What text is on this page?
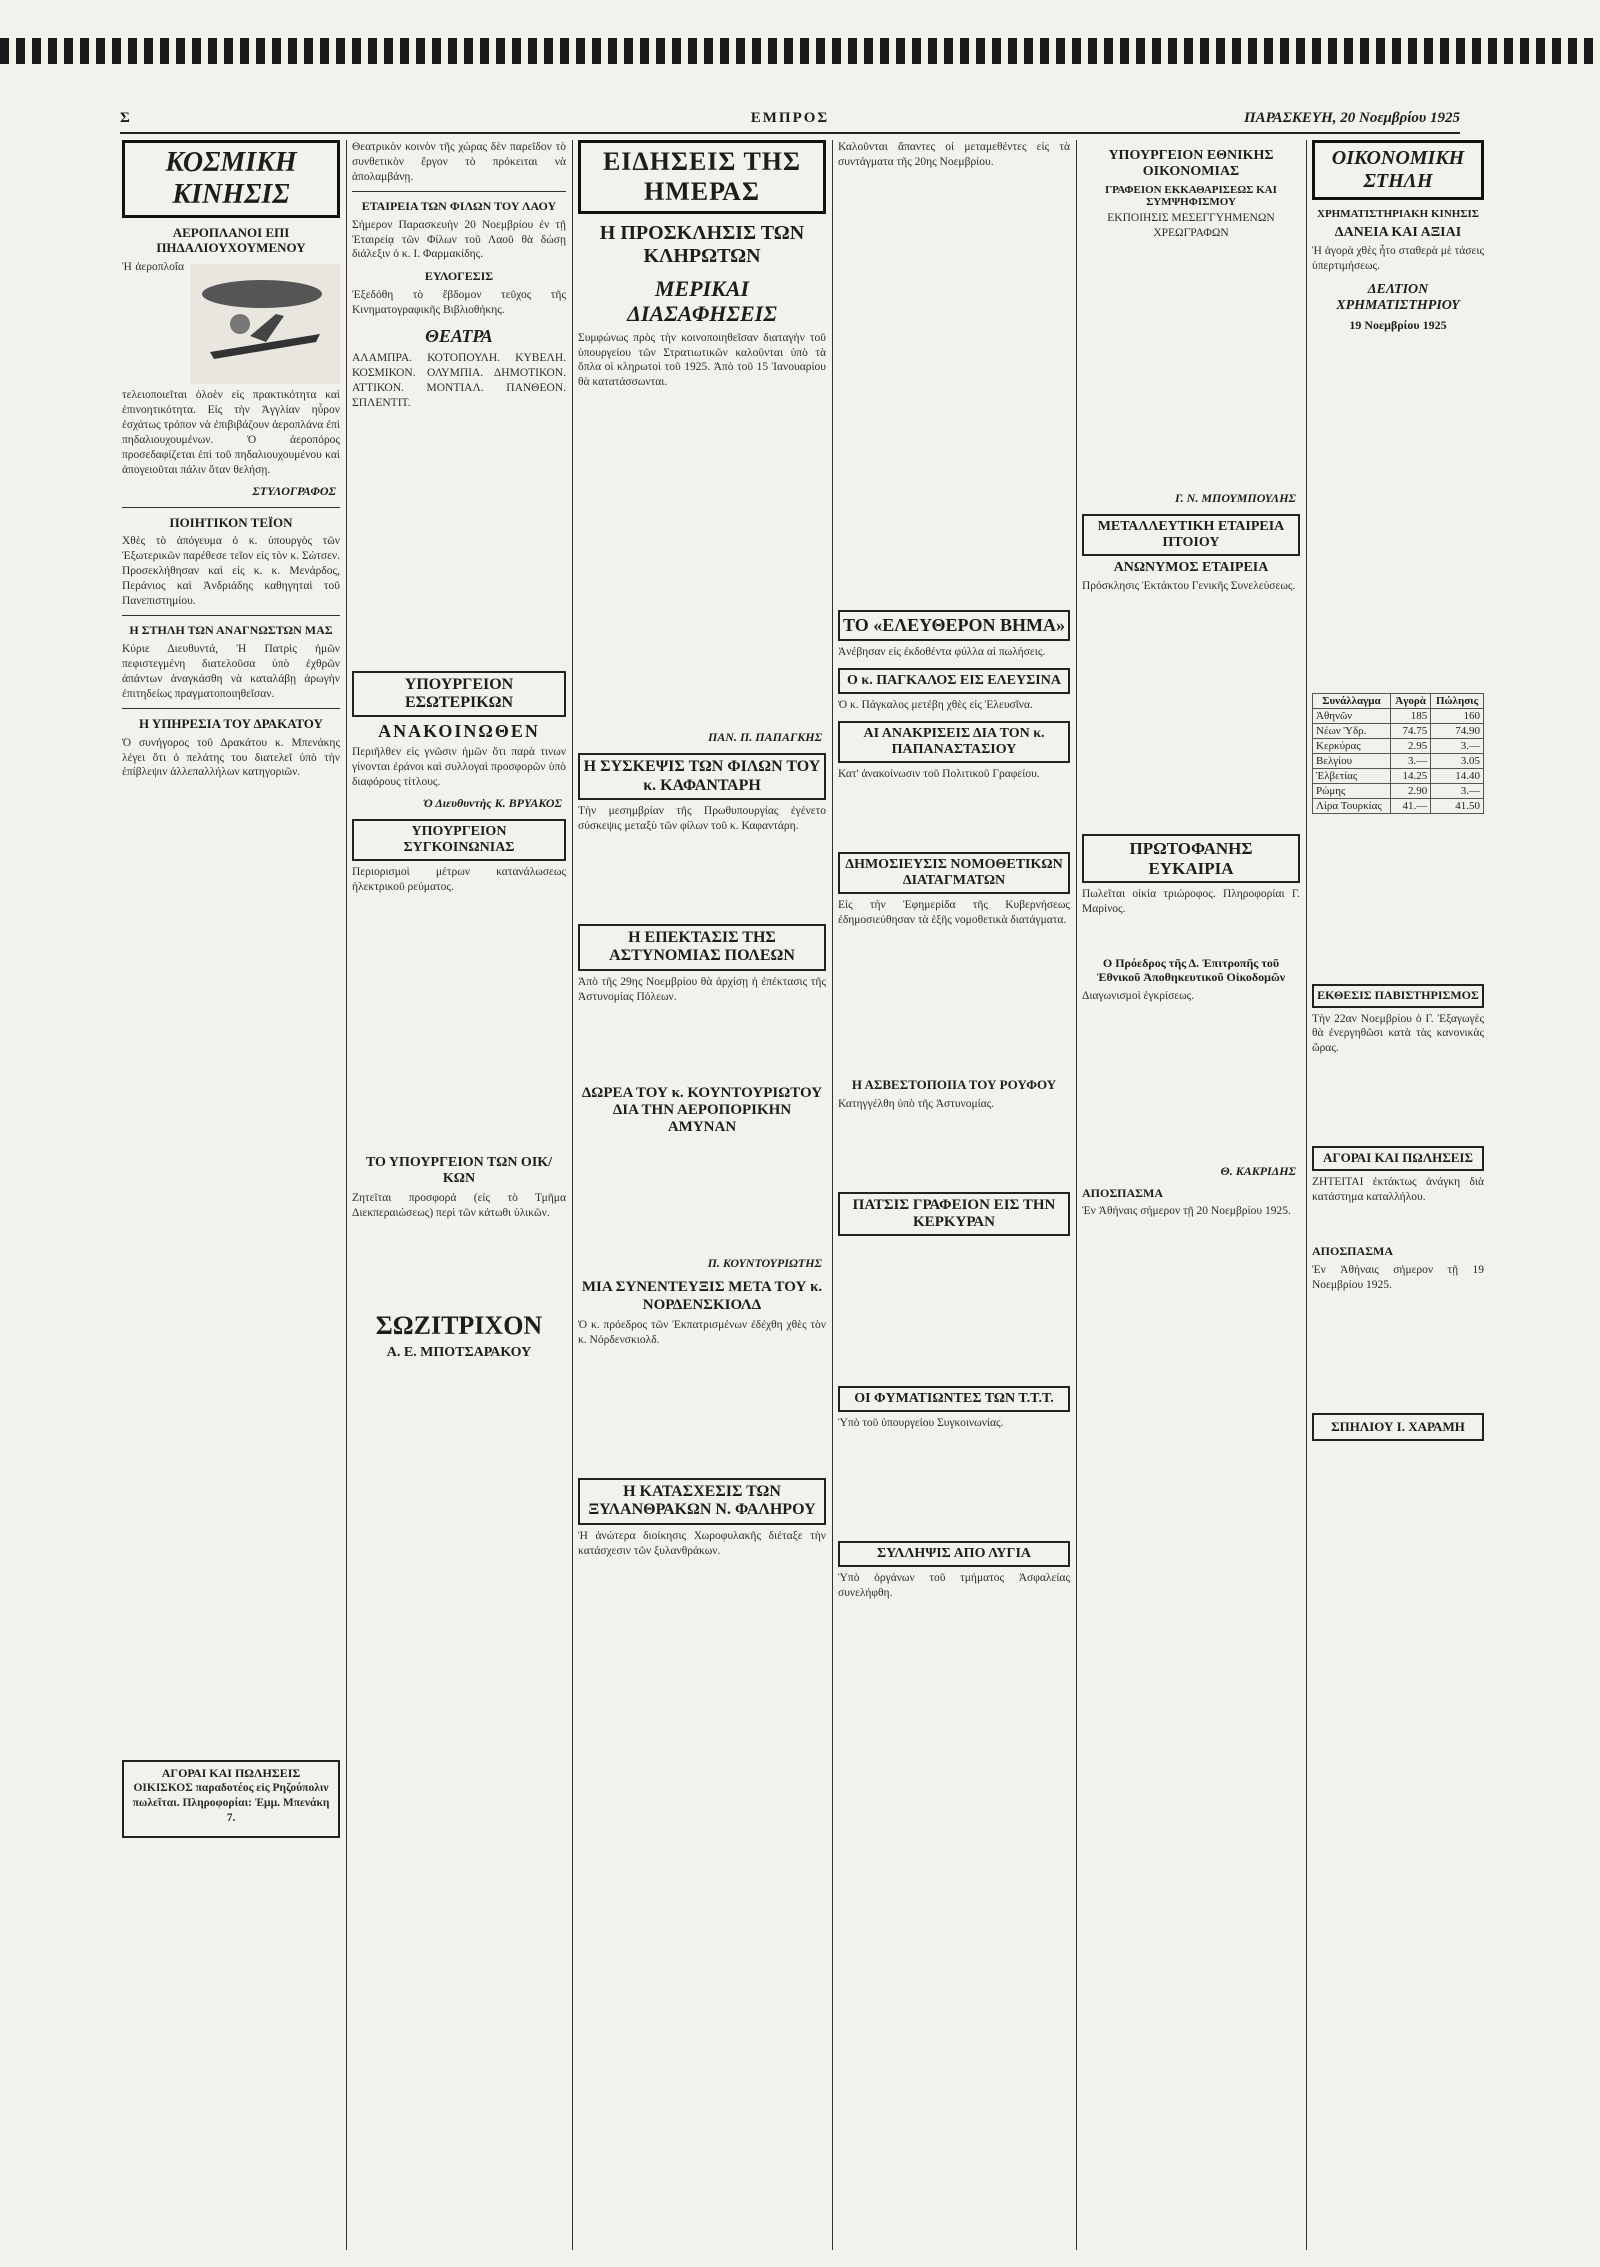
Σ	ΕΜΠΡΟΣ	ΠΑΡΑΣΚΕΥΗ, 20 Νοεμβρίου 1925
ΚΟΣΜΙΚΗ ΚΙΝΗΣΙΣ
ΑΕΡΟΠΛΑΝΟΙ ΕΠΙ ΠΗΔΑΛΙΟΥΧΟΥΜΕΝΟΥ

Ἡ ἀεροπλοΐα τελειοποιεῖται ὁλοὲν εἰς πρακτικότητα καὶ ἐπινοητικότητα. Εἰς τὴν Ἀγγλίαν ηὗρον ἐσχάτως τρόπον νὰ ἐπιβιβάζουν ἀεροπλάνα ἐπὶ πηδαλιουχουμένων. Ὁ ἀεροπόρος προσεδαφίζεται ἐπὶ τοῦ πηδαλιουχουμένου καὶ ἀπογειοῦται πάλιν ὅταν θελήσῃ.

ΣΤΥΛΟΓΡΑΦΟΣ
ΠΟΙΗΤΙΚΟΝ ΤΕΪΟΝ

Χθὲς τὸ ἀπόγευμα ὁ κ. ὑπουργὸς τῶν Ἐξωτερικῶν παρέθεσε τεῖον εἰς τὸν κ. Σώτσεν. Προσεκλήθησαν καὶ εἰς κ. κ. Μενάρδος, Περάνιος καὶ Ἀνδριάδης καθηγηταὶ τοῦ Πανεπιστημίου.

Η ΣΤΗΛΗ ΤΩΝ ΑΝΑΓΝΩΣΤΩΝ ΜΑΣ

Κύριε Διευθυντά, Ἡ Πατρὶς ἡμῶν πεφιστεγμένη διατελοῦσα ὑπὸ ἐχθρῶν ἁπάντων ἀναγκάσθη νὰ καταλάβῃ ἀρωγὴν ἐπιτηδείως πραγματοποιηθεῖσαν.

Η ΥΠΗΡΕΣΙΑ ΤΟΥ ΔΡΑΚΑΤΟΥ

Ὁ συνήγορος τοῦ Δρακάτου κ. Μπενάκης λέγει ὅτι ὁ πελάτης του διατελεῖ ὑπὸ τὴν ἐπίβλεψιν ἀλλεπαλλήλων κατηγοριῶν.

ΑΓΟΡΑΙ ΚΑΙ ΠΩΛΗΣΕΙΣ
ΟΙΚΙΣΚΟΣ παραδοτέος εἰς Ρηζούπολιν πωλεῖται. Πληροφορίαι: Ἐμμ. Μπενάκη 7.

Θεατρικὸν κοινὸν τῆς χώρας δὲν παρεῖδον τὸ συνθετικὸν ἔργον τὸ πρόκειται νὰ ἀπολαμβάνῃ.

ΕΤΑΙΡΕΙΑ ΤΩΝ ΦΙΛΩΝ ΤΟΥ ΛΑΟΥ

Σήμερον Παρασκευὴν 20 Νοεμβρίου ἐν τῇ Ἑταιρείᾳ τῶν Φίλων τοῦ Λαοῦ θὰ δώσῃ διάλεξιν ὁ κ. Ι. Φαρμακίδης.

ΕΥΛΟΓΕΣΙΣ

Ἐξεδόθη τὸ ἔβδομον τεῦχος τῆς Κινηματογραφικῆς Βιβλιοθήκης.

ΘΕΑΤΡΑ

ΑΛΑΜΠΡΑ. ΚΟΤΟΠΟΥΛΗ. ΚΥΒΕΛΗ. ΚΟΣΜΙΚΟΝ. ΟΛΥΜΠΙΑ. ΔΗΜΟΤΙΚΟΝ. ΑΤΤΙΚΟΝ. ΜΟΝΤΙΑΛ. ΠΑΝΘΕΟΝ. ΣΠΛΕΝΤΙΤ.

ΥΠΟΥΡΓΕΙΟΝ ΕΣΩΤΕΡΙΚΩΝ
ΑΝΑΚΟΙΝΩΘΕΝ

Περιῆλθεν εἰς γνῶσιν ἡμῶν ὅτι παρὰ τινων γίνονται ἐράνοι καὶ συλλογαὶ προσφορῶν ὑπὸ διαφόρους τίτλους.

Ὁ Διευθυντὴς Κ. ΒΡΥΑΚΟΣ
ΥΠΟΥΡΓΕΙΟΝ ΣΥΓΚΟΙΝΩΝΙΑΣ

Περιορισμοὶ μέτρων κατανάλωσεως ἠλεκτρικοῦ ρεύματος.

ΤΟ ΥΠΟΥΡΓΕΙΟΝ ΤΩΝ ΟΙΚ/ΚΩΝ

Ζητεῖται προσφορά (εἰς τὸ Τμῆμα Διεκπεραιώσεως) περὶ τῶν κάτωθι ὑλικῶν.

ΣΩΖΙΤΡΙΧΟΝ
Α. Ε. ΜΠΟΤΣΑΡΑΚΟΥ
ΕΙΔΗΣΕΙΣ ΤΗΣ ΗΜΕΡΑΣ
Η ΠΡΟΣΚΛΗΣΙΣ ΤΩΝ ΚΛΗΡΩΤΩΝ
ΜΕΡΙΚΑΙ ΔΙΑΣΑΦΗΣΕΙΣ

Συμφώνως πρὸς τὴν κοινοποιηθεῖσαν διαταγὴν τοῦ ὑπουργείου τῶν Στρατιωτικῶν καλοῦνται ὑπὸ τὰ ὅπλα οἱ κληρωτοὶ τοῦ 1925. Ἀπὸ τοῦ 15 Ἰανουαρίου θὰ κατατάσσωνται.

ΠΑΝ. Π. ΠΑΠΑΓΚΗΣ
Η ΣΥΣΚΕΨΙΣ ΤΩΝ ΦΙΛΩΝ ΤΟΥ κ. ΚΑΦΑΝΤΑΡΗ

Τὴν μεσημβρίαν τῆς Πρωθυπουργίας ἐγένετο σύσκεψις μεταξὺ τῶν φίλων τοῦ κ. Καφαντάρη.

Η ΕΠΕΚΤΑΣΙΣ ΤΗΣ ΑΣΤΥΝΟΜΙΑΣ ΠΟΛΕΩΝ

Ἀπὸ τῆς 29ης Νοεμβρίου θὰ ἀρχίσῃ ἡ ἐπέκτασις τῆς Ἀστυνομίας Πόλεων.

ΔΩΡΕΑ ΤΟΥ κ. ΚΟΥΝΤΟΥΡΙΩΤΟΥ ΔΙΑ ΤΗΝ ΑΕΡΟΠΟΡΙΚΗΝ ΑΜΥΝΑΝ
Π. ΚΟΥΝΤΟΥΡΙΩΤΗΣ
ΜΙΑ ΣΥΝΕΝΤΕΥΞΙΣ ΜΕΤΑ ΤΟΥ κ. ΝΟΡΔΕΝΣΚΙΟΛΔ

Ὁ κ. πρόεδρος τῶν Ἐκπατρισμένων ἐδέχθη χθὲς τὸν κ. Νόρδενσκιολδ.

Η ΚΑΤΑΣΧΕΣΙΣ ΤΩΝ ΞΥΛΑΝΘΡΑΚΩΝ Ν. ΦΑΛΗΡΟΥ

Ἡ ἀνώτερα διοίκησις Χωροφυλακῆς διέταξε τὴν κατάσχεσιν τῶν ξυλανθράκων.

Καλοῦνται ἅπαντες οἱ μεταμεθέντες εἰς τὰ συντάγματα τῆς 20ης Νοεμβρίου.

ΤΟ «ΕΛΕΥΘΕΡΟΝ ΒΗΜΑ»

Ἀνέβησαν εἰς ἐκδοθέντα φύλλα αἱ πωλήσεις.

Ο κ. ΠΑΓΚΑΛΟΣ ΕΙΣ ΕΛΕΥΣΙΝΑ

Ὁ κ. Πάγκαλος μετέβη χθὲς εἰς Ἐλευσῖνα.

ΑΙ ΑΝΑΚΡΙΣΕΙΣ ΔΙΑ ΤΟΝ κ. ΠΑΠΑΝΑΣΤΑΣΙΟΥ

Κατ' ἀνακοίνωσιν τοῦ Πολιτικοῦ Γραφείου.

ΔΗΜΟΣΙΕΥΣΙΣ ΝΟΜΟΘΕΤΙΚΩΝ ΔΙΑΤΑΓΜΑΤΩΝ

Εἰς τὴν Ἐφημερίδα τῆς Κυβερνήσεως ἐδημοσιεύθησαν τὰ ἑξῆς νομοθετικὰ διατάγματα.

Η ΑΣΒΕΣΤΟΠΟΙΙΑ ΤΟΥ ΡΟΥΦΟΥ

Κατηγγέλθη ὑπὸ τῆς Ἀστυνομίας.

ΠΑΤΣΙΣ ΓΡΑΦΕΙΟΝ ΕΙΣ ΤΗΝ ΚΕΡΚΥΡΑΝ
ΟΙ ΦΥΜΑΤΙΩΝΤΕΣ ΤΩΝ Τ.Τ.Τ.

Ὑπὸ τοῦ ὑπουργείου Συγκοινωνίας.

ΣΥΛΛΗΨΙΣ ΑΠΟ ΛΥΓΙΑ

Ὑπὸ ὀργάνων τοῦ τμήματος Ἀσφαλείας συνελήφθη.

ΥΠΟΥΡΓΕΙΟΝ ΕΘΝΙΚΗΣ ΟΙΚΟΝΟΜΙΑΣ
ΓΡΑΦΕΙΟΝ ΕΚΚΑΘΑΡΙΣΕΩΣ ΚΑΙ ΣΥΜΨΗΦΙΣΜΟΥ

ΕΚΠΟΙΗΣΙΣ ΜΕΣΕΓΓΥΗΜΕΝΩΝ ΧΡΕΩΓΡΑΦΩΝ

Γ. Ν. ΜΠΟΥΜΠΟΥΛΗΣ
ΜΕΤΑΛΛΕΥΤΙΚΗ ΕΤΑΙΡΕΙΑ ΠΤΟΙΟΥ
ΑΝΩΝΥΜΟΣ ΕΤΑΙΡΕΙΑ

Πρόσκλησις Ἐκτάκτου Γενικῆς Συνελεύσεως.

ΠΡΩΤΟΦΑΝΗΣ ΕΥΚΑΙΡΙΑ

Πωλεῖται οἰκία τριώροφος. Πληροφορίαι Γ. Μαρίνος.

Ο Πρόεδρος τῆς Δ. Ἐπιτροπῆς τοῦ Ἐθνικοῦ Ἀποθηκευτικοῦ Οἰκοδομῶν

Διαγωνισμοὶ ἐγκρίσεως.

Θ. ΚΑΚΡΙΔΗΣ
ΑΠΟΣΠΑΣΜΑ

Ἐν Ἀθήναις σήμερον τῇ 20 Νοεμβρίου 1925.

ΟΙΚΟΝΟΜΙΚΗ ΣΤΗΛΗ
ΧΡΗΜΑΤΙΣΤΗΡΙΑΚΗ ΚΙΝΗΣΙΣ
ΔΑΝΕΙΑ ΚΑΙ ΑΞΙΑΙ

Ἡ ἀγορὰ χθὲς ἦτο σταθερὰ μὲ τάσεις ὑπερτιμήσεως.

ΔΕΛΤΙΟΝ ΧΡΗΜΑΤΙΣΤΗΡΙΟΥ
19 Νοεμβρίου 1925
Συνάλλαγμα	Ἀγορὰ	Πώλησις
Ἀθηνῶν	185	160
Νέων Ὑδρ.	74.75	74.90
Κερκύρας	2.95	3.—
Βελγίου	3.—	3.05
Ἐλβετίας	14.25	14.40
Ρώμης	2.90	3.—
Λίρα Τουρκίας	41.—	41.50
ΕΚΘΕΣΙΣ ΠΑΒΙΣΤΗΡΙΣΜΟΣ

Τὴν 22αν Νοεμβρίου ὁ Γ. Ἐξαγωγὲς θὰ ἐνεργηθῶσι κατὰ τὰς κανονικὰς ὥρας.

ΑΓΟΡΑΙ ΚΑΙ ΠΩΛΗΣΕΙΣ

ΖΗΤΕΙΤΑΙ ἐκτάκτως ἀνάγκη διὰ κατάστημα καταλλήλου.

ΑΠΟΣΠΑΣΜΑ

Ἐν Ἀθήναις σήμερον τῇ 19 Νοεμβρίου 1925.

ΣΠΗΛΙΟΥ Ι. ΧΑΡΑΜΗ
